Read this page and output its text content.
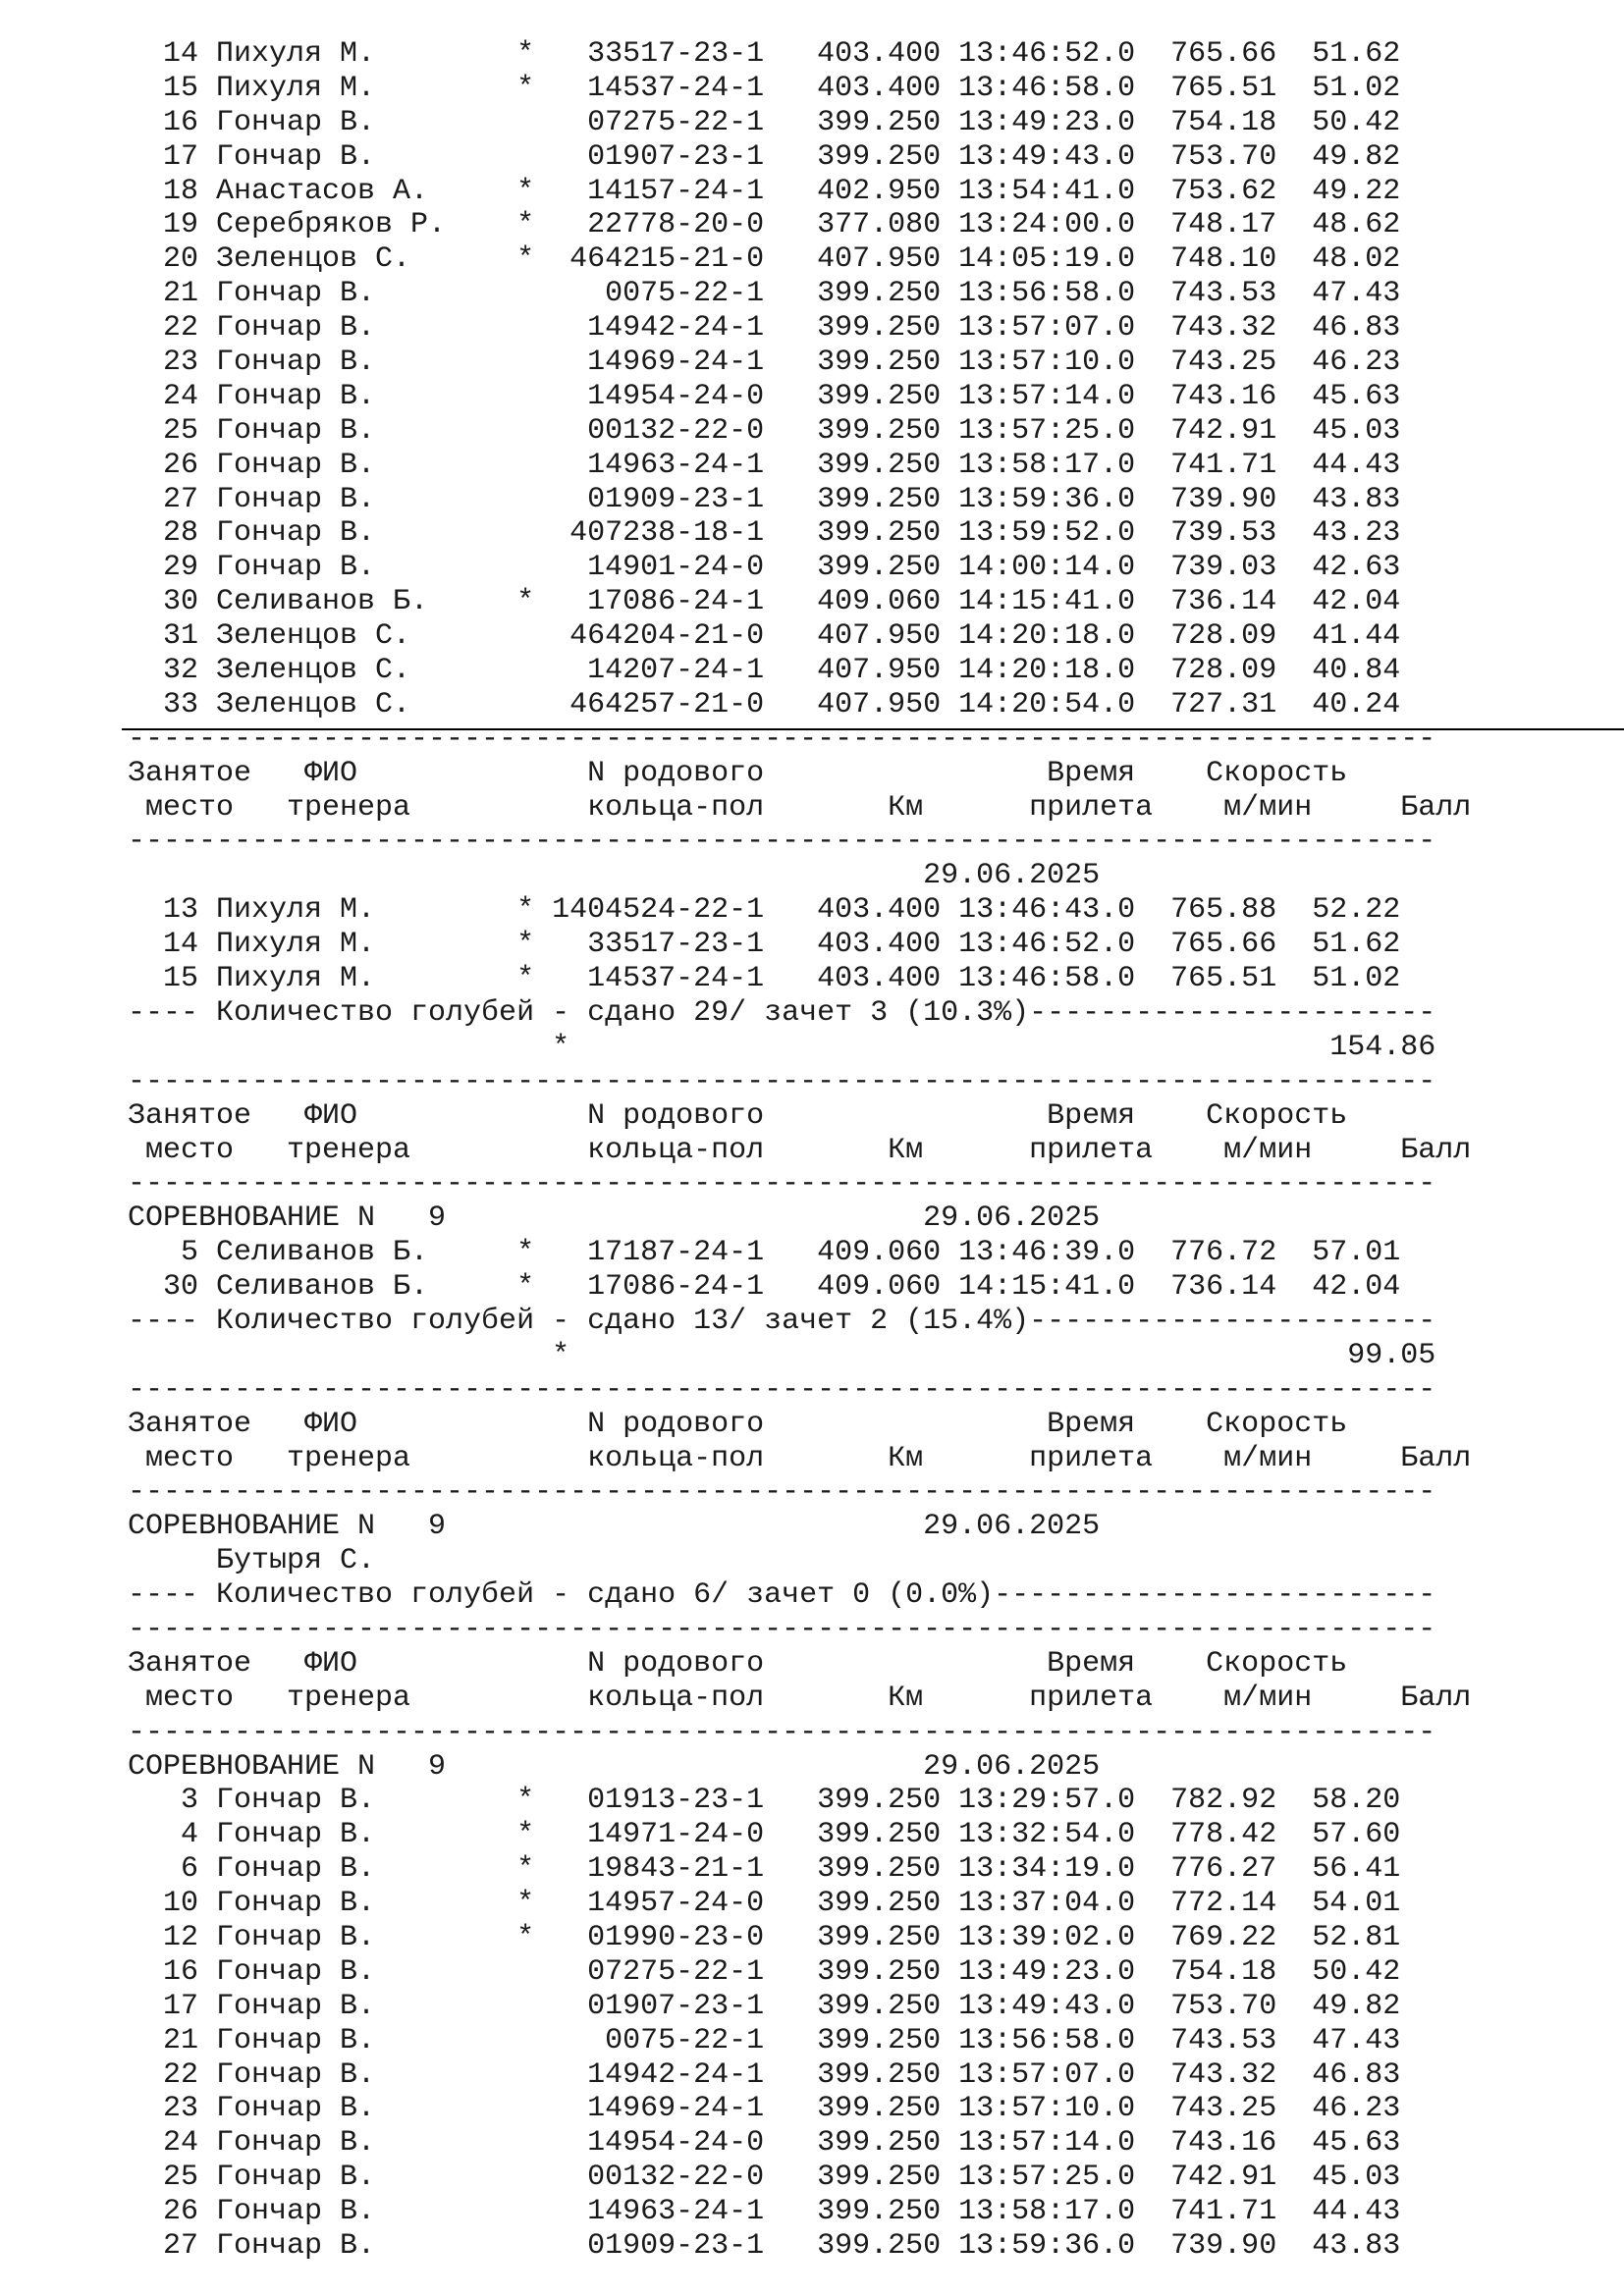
14 Пихуля М.        *   33517-23-1   403.400 13:46:52.0  765.66  51.62
15 Пихуля М.        *   14537-24-1   403.400 13:46:58.0  765.51  51.02
16 Гончар В.            07275-22-1   399.250 13:49:23.0  754.18  50.42
17 Гончар В.            01907-23-1   399.250 13:49:43.0  753.70  49.82
18 Анастасов А.     *   14157-24-1   402.950 13:54:41.0  753.62  49.22
19 Серебряков Р.    *   22778-20-0   377.080 13:24:00.0  748.17  48.62
20 Зеленцов С.      *  464215-21-0   407.950 14:05:19.0  748.10  48.02
21 Гончар В.             0075-22-1   399.250 13:56:58.0  743.53  47.43
22 Гончар В.            14942-24-1   399.250 13:57:07.0  743.32  46.83
23 Гончар В.            14969-24-1   399.250 13:57:10.0  743.25  46.23
24 Гончар В.            14954-24-0   399.250 13:57:14.0  743.16  45.63
25 Гончар В.            00132-22-0   399.250 13:57:25.0  742.91  45.03
26 Гончар В.            14963-24-1   399.250 13:58:17.0  741.71  44.43
27 Гончар В.            01909-23-1   399.250 13:59:36.0  739.90  43.83
28 Гончар В.           407238-18-1   399.250 13:59:52.0  739.53  43.23
29 Гончар В.            14901-24-0   399.250 14:00:14.0  739.03  42.63
30 Селиванов Б.     *   17086-24-1   409.060 14:15:41.0  736.14  42.04
31 Зеленцов С.         464204-21-0   407.950 14:20:18.0  728.09  41.44
32 Зеленцов С.          14207-24-1   407.950 14:20:18.0  728.09  40.84
33 Зеленцов С.         464257-21-0   407.950 14:20:54.0  727.31  40.24
--------------------------------------------------------------------------
Занятое   ФИО             N родового                Время    Скорость
место   тренера          кольца-пол       Км      прилета    м/мин     Балл
--------------------------------------------------------------------------
29.06.2025
13 Пихуля М.        * 1404524-22-1   403.400 13:46:43.0  765.88  52.22
14 Пихуля М.        *   33517-23-1   403.400 13:46:52.0  765.66  51.62
15 Пихуля М.        *   14537-24-1   403.400 13:46:58.0  765.51  51.02
---- Количество голубей - сдано 29/ зачет 3 (10.3%)-----------------------
*                                           154.86
--------------------------------------------------------------------------
Занятое   ФИО             N родового                Время    Скорость
место   тренера          кольца-пол       Км      прилета    м/мин     Балл
--------------------------------------------------------------------------
СОРЕВНОВАНИЕ N   9                           29.06.2025
5 Селиванов Б.     *   17187-24-1   409.060 13:46:39.0  776.72  57.01
30 Селиванов Б.     *   17086-24-1   409.060 14:15:41.0  736.14  42.04
---- Количество голубей - сдано 13/ зачет 2 (15.4%)-----------------------
*                                            99.05
--------------------------------------------------------------------------
Занятое   ФИО             N родового                Время    Скорость
место   тренера          кольца-пол       Км      прилета    м/мин     Балл
--------------------------------------------------------------------------
СОРЕВНОВАНИЕ N   9                           29.06.2025
Бутыря С.
---- Количество голубей - сдано 6/ зачет 0 (0.0%)-------------------------
--------------------------------------------------------------------------
Занятое   ФИО             N родового                Время    Скорость
место   тренера          кольца-пол       Км      прилета    м/мин     Балл
--------------------------------------------------------------------------
СОРЕВНОВАНИЕ N   9                           29.06.2025
3 Гончар В.        *   01913-23-1   399.250 13:29:57.0  782.92  58.20
4 Гончар В.        *   14971-24-0   399.250 13:32:54.0  778.42  57.60
6 Гончар В.        *   19843-21-1   399.250 13:34:19.0  776.27  56.41
10 Гончар В.        *   14957-24-0   399.250 13:37:04.0  772.14  54.01
12 Гончар В.        *   01990-23-0   399.250 13:39:02.0  769.22  52.81
16 Гончар В.            07275-22-1   399.250 13:49:23.0  754.18  50.42
17 Гончар В.            01907-23-1   399.250 13:49:43.0  753.70  49.82
21 Гончар В.             0075-22-1   399.250 13:56:58.0  743.53  47.43
22 Гончар В.            14942-24-1   399.250 13:57:07.0  743.32  46.83
23 Гончар В.            14969-24-1   399.250 13:57:10.0  743.25  46.23
24 Гончар В.            14954-24-0   399.250 13:57:14.0  743.16  45.63
25 Гончар В.            00132-22-0   399.250 13:57:25.0  742.91  45.03
26 Гончар В.            14963-24-1   399.250 13:58:17.0  741.71  44.43
27 Гончар В.            01909-23-1   399.250 13:59:36.0  739.90  43.83
